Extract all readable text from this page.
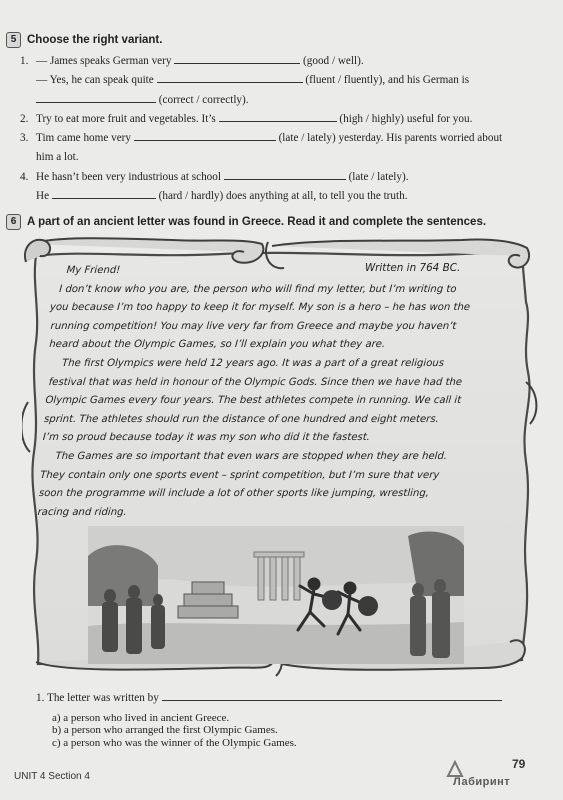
5 Choose the right variant.
1. — James speaks German very	(good / well).
— Yes, he can speak quite	(fluent / fluently), and his German is
(correct / correctly).
2. Try to eat more fruit and vegetables. It’s	(high / highly) useful for you.
3. Tim came home very	(late / lately) yesterday. His parents worried about
him a lot.
4. He hasn’t been very industrious at school	(late / lately).
He	(hard / hardly) does anything at all, to tell you the truth.
6 A part of an ancient letter was found in Greece. Read it and complete the sentences.
Written in 764 BC.

My Friend!

I don’t know who you are, the person who will find my letter, but I’m writing to

you because I’m too happy to keep it for myself. My son is a hero – he has won the

running competition! You may live very far from Greece and maybe you haven’t

heard about the Olympic Games, so I’ll explain you what they are.

The first Olympics were held 12 years ago. It was a part of a great religious

festival that was held in honour of the Olympic Gods. Since then we have had the

Olympic Games every four years. The best athletes compete in running. We call it

sprint. The athletes should run the distance of one hundred and eight meters.

I’m so proud because today it was my son who did it the fastest.

The Games are so important that even wars are stopped when they are held.

They contain only one sports event – sprint competition, but I’m sure that very

soon the programme will include a lot of other sports like jumping, wrestling,

racing and riding.

1. The letter was written by
a) a person who lived in ancient Greece.
b) a person who arranged the first Olympic Games.
c) a person who was the winner of the Olympic Games.
UNIT 4 Section 4
79
Лабиринт
